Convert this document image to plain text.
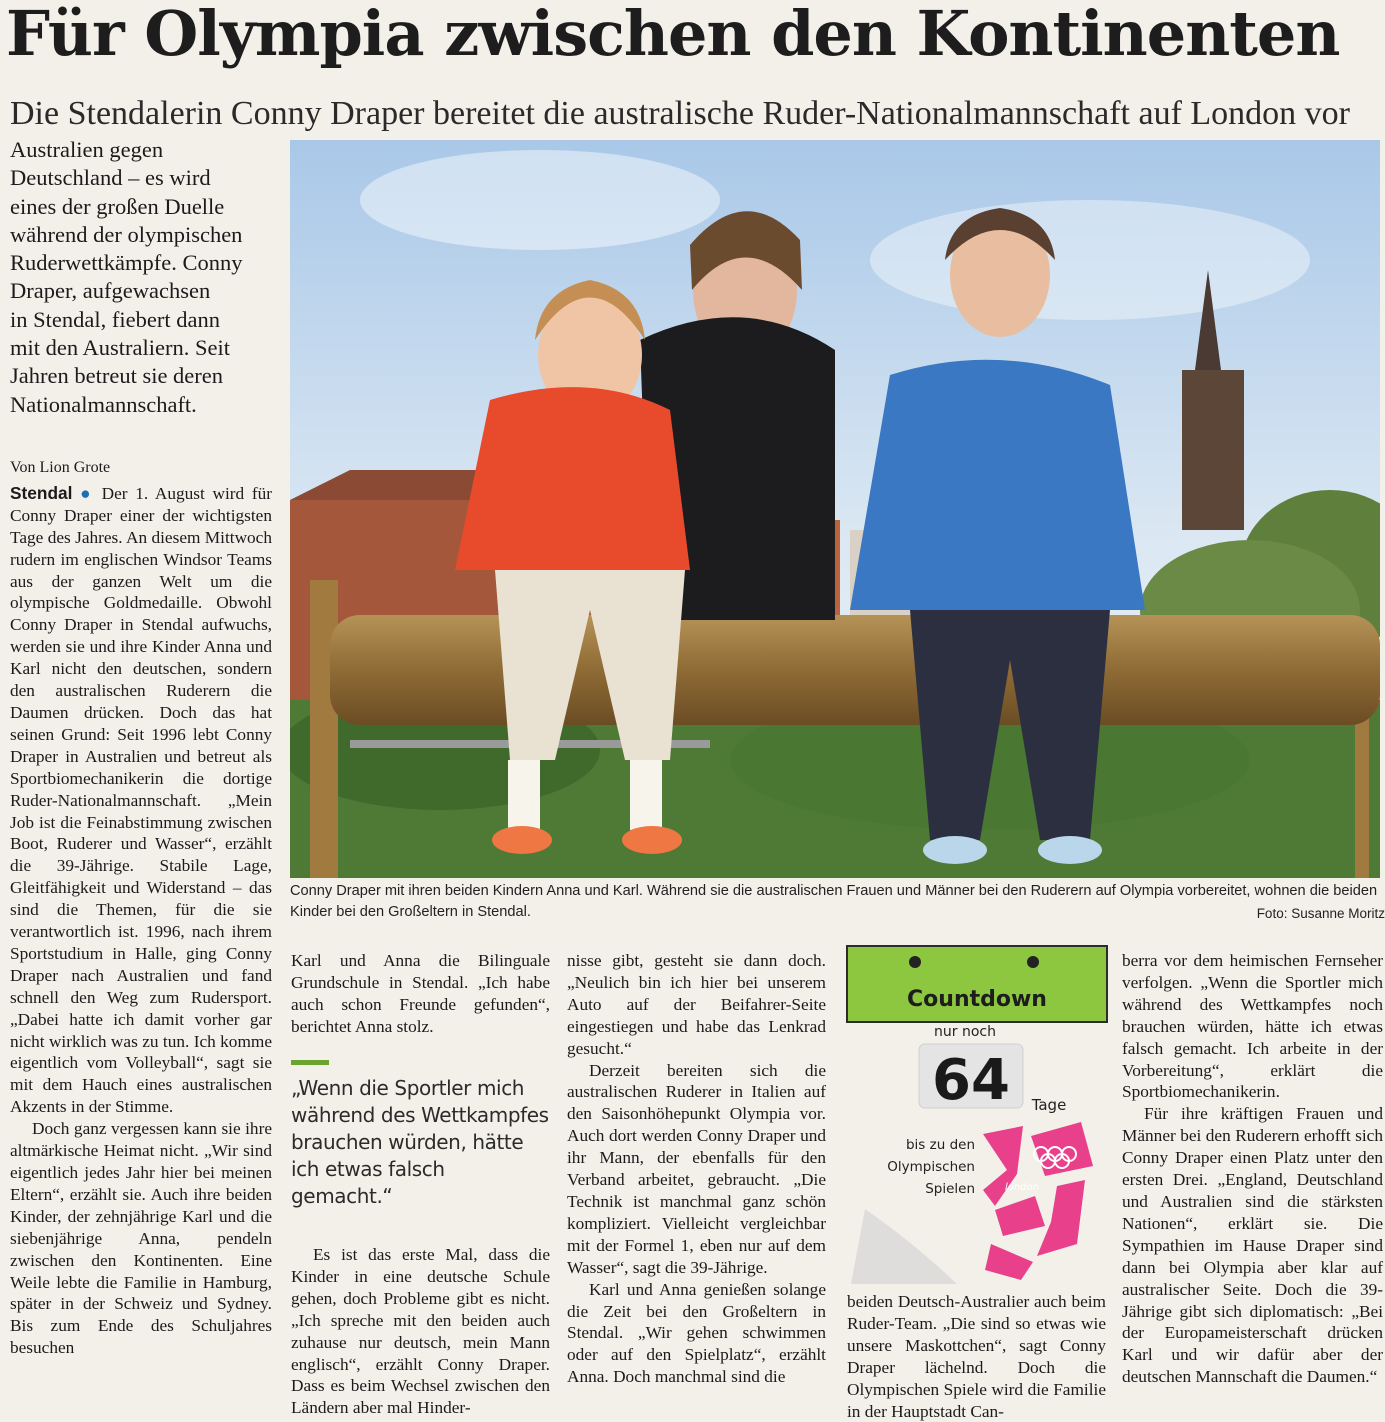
Für Olympia zwischen den Kontinenten
Die Stendalerin Conny Draper bereitet die australische Ruder-Nationalmannschaft auf London vor
Australien gegen
Deutschland – es wird
eines der großen Duelle
während der olympischen
Ruderwettkämpfe. Conny
Draper, aufgewachsen
in Stendal, fiebert dann
mit den Australiern. Seit
Jahren betreut sie deren
Nationalmannschaft.

Von Lion Grote

Stendal ● Der 1. August wird für Conny Draper einer der wichtigsten Tage des Jahres. An diesem Mittwoch rudern im englischen Windsor Teams aus der ganzen Welt um die olympische Goldmedaille. Obwohl Conny Draper in Stendal aufwuchs, werden sie und ihre Kinder Anna und Karl nicht den deutschen, sondern den australischen Ruderern die Daumen drücken. Doch das hat seinen Grund: Seit 1996 lebt Conny Draper in Australien und betreut als Sportbiomechanikerin die dortige Ruder-Nationalmannschaft. „Mein Job ist die Feinabstimmung zwischen Boot, Ruderer und Wasser“, erzählt die 39-Jährige. Stabile Lage, Gleitfähigkeit und Widerstand – das sind die Themen, für die sie verantwortlich ist. 1996, nach ihrem Sportstudium in Halle, ging Conny Draper nach Australien und fand schnell den Weg zum Rudersport. „Dabei hatte ich damit vorher gar nicht wirklich was zu tun. Ich komme eigentlich vom Volleyball“, sagt sie mit dem Hauch eines australischen Akzents in der Stimme.

Doch ganz vergessen kann sie ihre altmärkische Heimat nicht. „Wir sind eigentlich jedes Jahr hier bei meinen Eltern“, erzählt sie. Auch ihre beiden Kinder, der zehnjährige Karl und die siebenjährige Anna, pendeln zwischen den Kontinenten. Eine Weile lebte die Familie in Hamburg, später in der Schweiz und Sydney. Bis zum Ende des Schuljahres besuchen

Conny Draper mit ihren beiden Kindern Anna und Karl. Während sie die australischen Frauen und Männer bei den Ruderern auf Olympia vorbereitet, wohnen die beiden Kinder bei den Großeltern in Stendal.	Foto: Susanne Moritz

Karl und Anna die Bilinguale Grundschule in Stendal. „Ich habe auch schon Freunde gefunden“, berichtet Anna stolz.

„Wenn die Sportler mich während des Wettkampfes brauchen würden, hätte ich etwas falsch gemacht.“

Es ist das erste Mal, dass die Kinder in eine deutsche Schule gehen, doch Probleme gibt es nicht. „Ich spreche mit den beiden auch zuhause nur deutsch, mein Mann englisch“, erzählt Conny Draper. Dass es beim Wechsel zwischen den Ländern aber mal Hinder-

nisse gibt, gesteht sie dann doch. „Neulich bin ich hier bei unserem Auto auf der Beifahrer-Seite eingestiegen und habe das Lenkrad gesucht.“

Derzeit bereiten sich die australischen Ruderer in Italien auf den Saisonhöhepunkt Olympia vor. Auch dort werden Conny Draper und ihr Mann, der ebenfalls für den Verband arbeitet, gebraucht. „Die Technik ist manchmal ganz schön kompliziert. Vielleicht vergleichbar mit der Formel 1, eben nur auf dem Wasser“, sagt die 39-Jährige.

Karl und Anna genießen solange die Zeit bei den Großeltern in Stendal. „Wir gehen schwimmen oder auf den Spielplatz“, erzählt Anna. Doch manchmal sind die

Countdown
nur noch
64 Tage
bis zu den Olympischen Spielen	london

beiden Deutsch-Australier auch beim Ruder-Team. „Die sind so etwas wie unsere Maskottchen“, sagt Conny Draper lächelnd. Doch die Olympischen Spiele wird die Familie in der Hauptstadt Can-

berra vor dem heimischen Fernseher verfolgen. „Wenn die Sportler mich während des Wettkampfes noch brauchen würden, hätte ich etwas falsch gemacht. Ich arbeite in der Vorbereitung“, erklärt die Sportbiomechanikerin.

Für ihre kräftigen Frauen und Männer bei den Ruderern erhofft sich Conny Draper einen Platz unter den ersten Drei. „England, Deutschland und Australien sind die stärksten Nationen“, erklärt sie. Die Sympathien im Hause Draper sind dann bei Olympia aber klar auf australischer Seite. Doch die 39-Jährige gibt sich diplomatisch: „Bei der Europameisterschaft drücken Karl und wir dafür aber der deutschen Mannschaft die Daumen.“
